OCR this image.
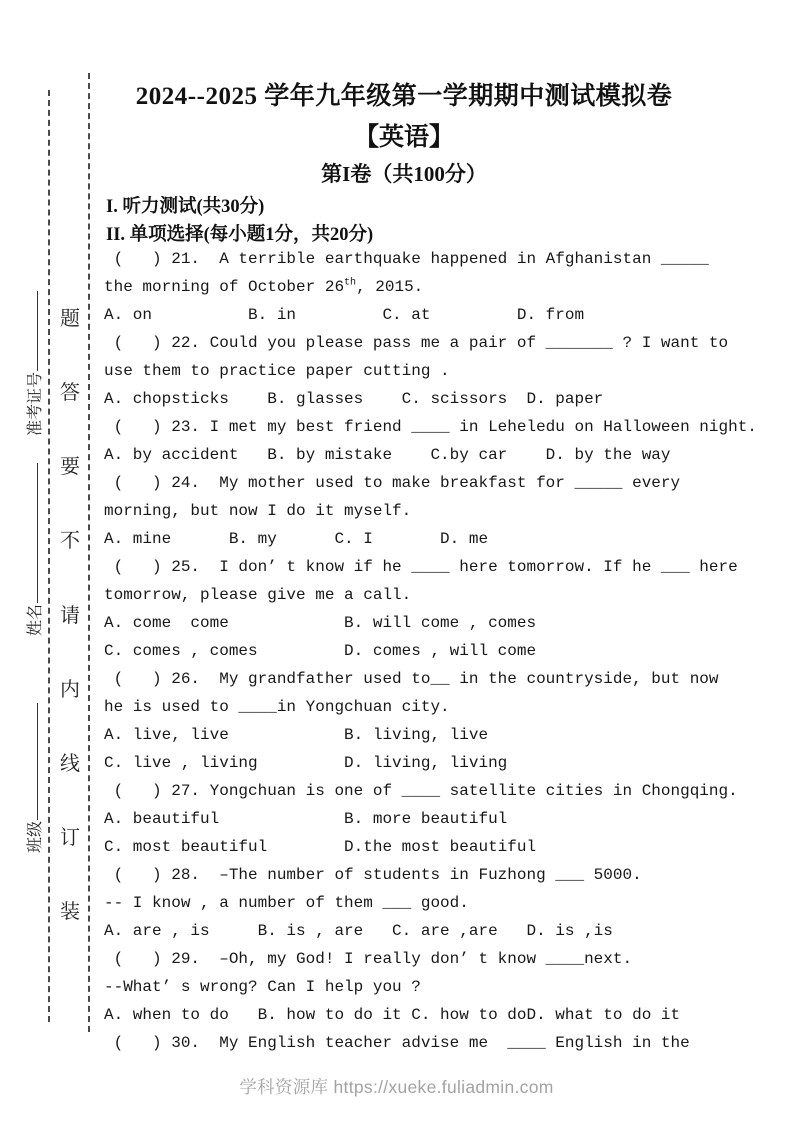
题
答
要
不
请
内
线
订
装
准考证号
姓名
班级
2024--2025 学年九年级第一学期期中测试模拟卷
【英语】
第I卷（共100分）
I. 听力测试(共30分)
II. 单项选择(每小题1分，共20分)
(   ) 21.  A terrible earthquake happened in Afghanistan _____
the morning of October 26th, 2015.
A. on          B. in         C. at         D. from
(   ) 22. Could you please pass me a pair of _______ ? I want to
use them to practice paper cutting .
A. chopsticks    B. glasses    C. scissors  D. paper
(   ) 23. I met my best friend ____ in Leheledu on Halloween night.
A. by accident   B. by mistake    C.by car    D. by the way
(   ) 24.  My mother used to make breakfast for _____ every
morning, but now I do it myself.
A. mine      B. my      C. I       D. me
(   ) 25.  I don’ t know if he ____ here tomorrow. If he ___ here
tomorrow, please give me a call.
A. come  come            B. will come , comes
C. comes , comes         D. comes , will come
(   ) 26.  My grandfather used to__ in the countryside, but now
he is used to ____in Yongchuan city.
A. live, live            B. living, live
C. live , living         D. living, living
(   ) 27. Yongchuan is one of ____ satellite cities in Chongqing.
A. beautiful             B. more beautiful
C. most beautiful        D.the most beautiful
(   ) 28.  –The number of students in Fuzhong ___ 5000.
-- I know , a number of them ___ good.
A. are , is     B. is , are   C. are ,are   D. is ,is
(   ) 29.  –Oh, my God! I really don’ t know ____next.
--What’ s wrong? Can I help you ?
A. when to do   B. how to do it C. how to doD. what to do it
(   ) 30.  My English teacher advise me  ____ English in the
学科资源库 https://xueke.fuliadmin.com
